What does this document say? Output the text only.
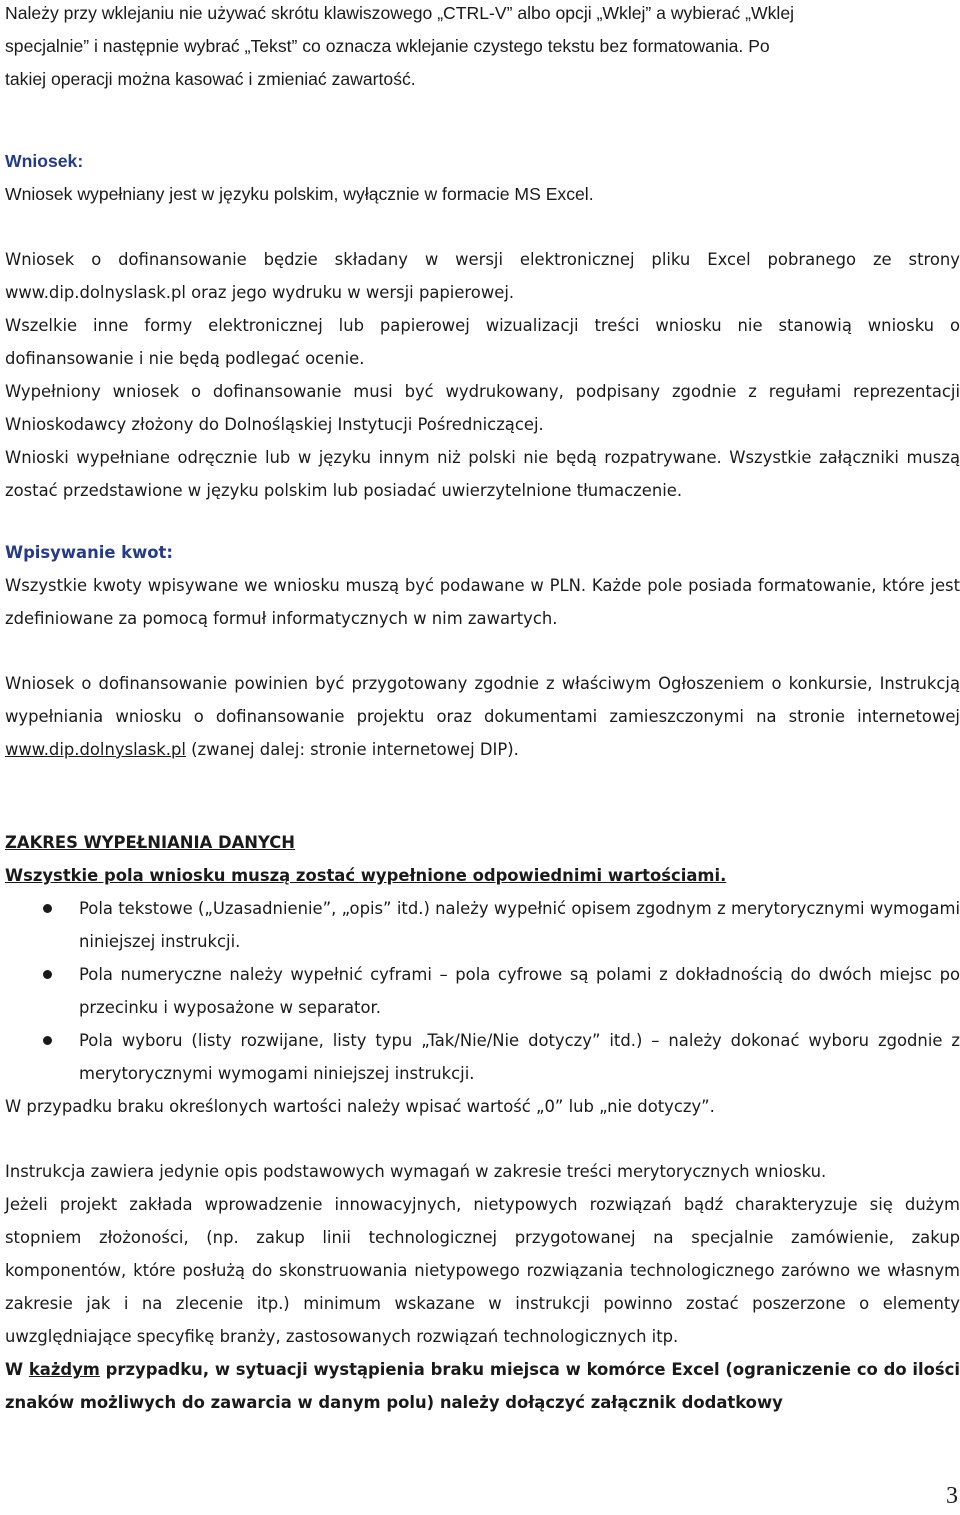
Należy przy wklejaniu nie używać skrótu klawiszowego „CTRL-V” albo opcji „Wklej” a wybierać „Wklej

specjalnie” i następnie wybrać „Tekst” co oznacza wklejanie czystego tekstu bez formatowania. Po

takiej operacji można kasować i zmieniać zawartość.

Wniosek:

Wniosek wypełniany jest w języku polskim, wyłącznie w formacie MS Excel.

Wniosek o dofinansowanie będzie składany w wersji elektronicznej pliku Excel pobranego ze strony www.dip.dolnyslask.pl oraz jego wydruku w wersji papierowej.

Wszelkie inne formy elektronicznej lub papierowej wizualizacji treści wniosku nie stanowią wniosku o dofinansowanie i nie będą podlegać ocenie.

Wypełniony wniosek o dofinansowanie musi być wydrukowany, podpisany zgodnie z regułami reprezentacji Wnioskodawcy złożony do Dolnośląskiej Instytucji Pośredniczącej.

Wnioski wypełniane odręcznie lub w języku innym niż polski nie będą rozpatrywane. Wszystkie załączniki muszą zostać przedstawione w języku polskim lub posiadać uwierzytelnione tłumaczenie.

Wpisywanie kwot:

Wszystkie kwoty wpisywane we wniosku muszą być podawane w PLN. Każde pole posiada formatowanie, które jest zdefiniowane za pomocą formuł informatycznych w nim zawartych.

Wniosek o dofinansowanie powinien być przygotowany zgodnie z właściwym Ogłoszeniem o konkursie, Instrukcją wypełniania wniosku o dofinansowanie projektu oraz dokumentami zamieszczonymi na stronie internetowej www.dip.dolnyslask.pl (zwanej dalej: stronie internetowej DIP).

ZAKRES WYPEŁNIANIA DANYCH

Wszystkie pola wniosku muszą zostać wypełnione odpowiednimi wartościami.

Pola tekstowe („Uzasadnienie”, „opis” itd.) należy wypełnić opisem zgodnym z merytorycznymi wymogami niniejszej instrukcji.
Pola numeryczne należy wypełnić cyframi – pola cyfrowe są polami z dokładnością do dwóch miejsc po przecinku i wyposażone w separator.
Pola wyboru (listy rozwijane, listy typu „Tak/Nie/Nie dotyczy” itd.) – należy dokonać wyboru zgodnie z merytorycznymi wymogami niniejszej instrukcji.

W przypadku braku określonych wartości należy wpisać wartość „0” lub „nie dotyczy”.

Instrukcja zawiera jedynie opis podstawowych wymagań w zakresie treści merytorycznych wniosku.

Jeżeli projekt zakłada wprowadzenie innowacyjnych, nietypowych rozwiązań bądź charakteryzuje się dużym stopniem złożoności, (np. zakup linii technologicznej przygotowanej na specjalnie zamówienie, zakup komponentów, które posłużą do skonstruowania nietypowego rozwiązania technologicznego zarówno we własnym zakresie jak i na zlecenie itp.) minimum wskazane w instrukcji powinno zostać poszerzone o elementy uwzględniające specyfikę branży, zastosowanych rozwiązań technologicznych itp.

W każdym przypadku, w sytuacji wystąpienia braku miejsca w komórce Excel (ograniczenie co do ilości znaków możliwych do zawarcia w danym polu) należy dołączyć załącznik dodatkowy

3
